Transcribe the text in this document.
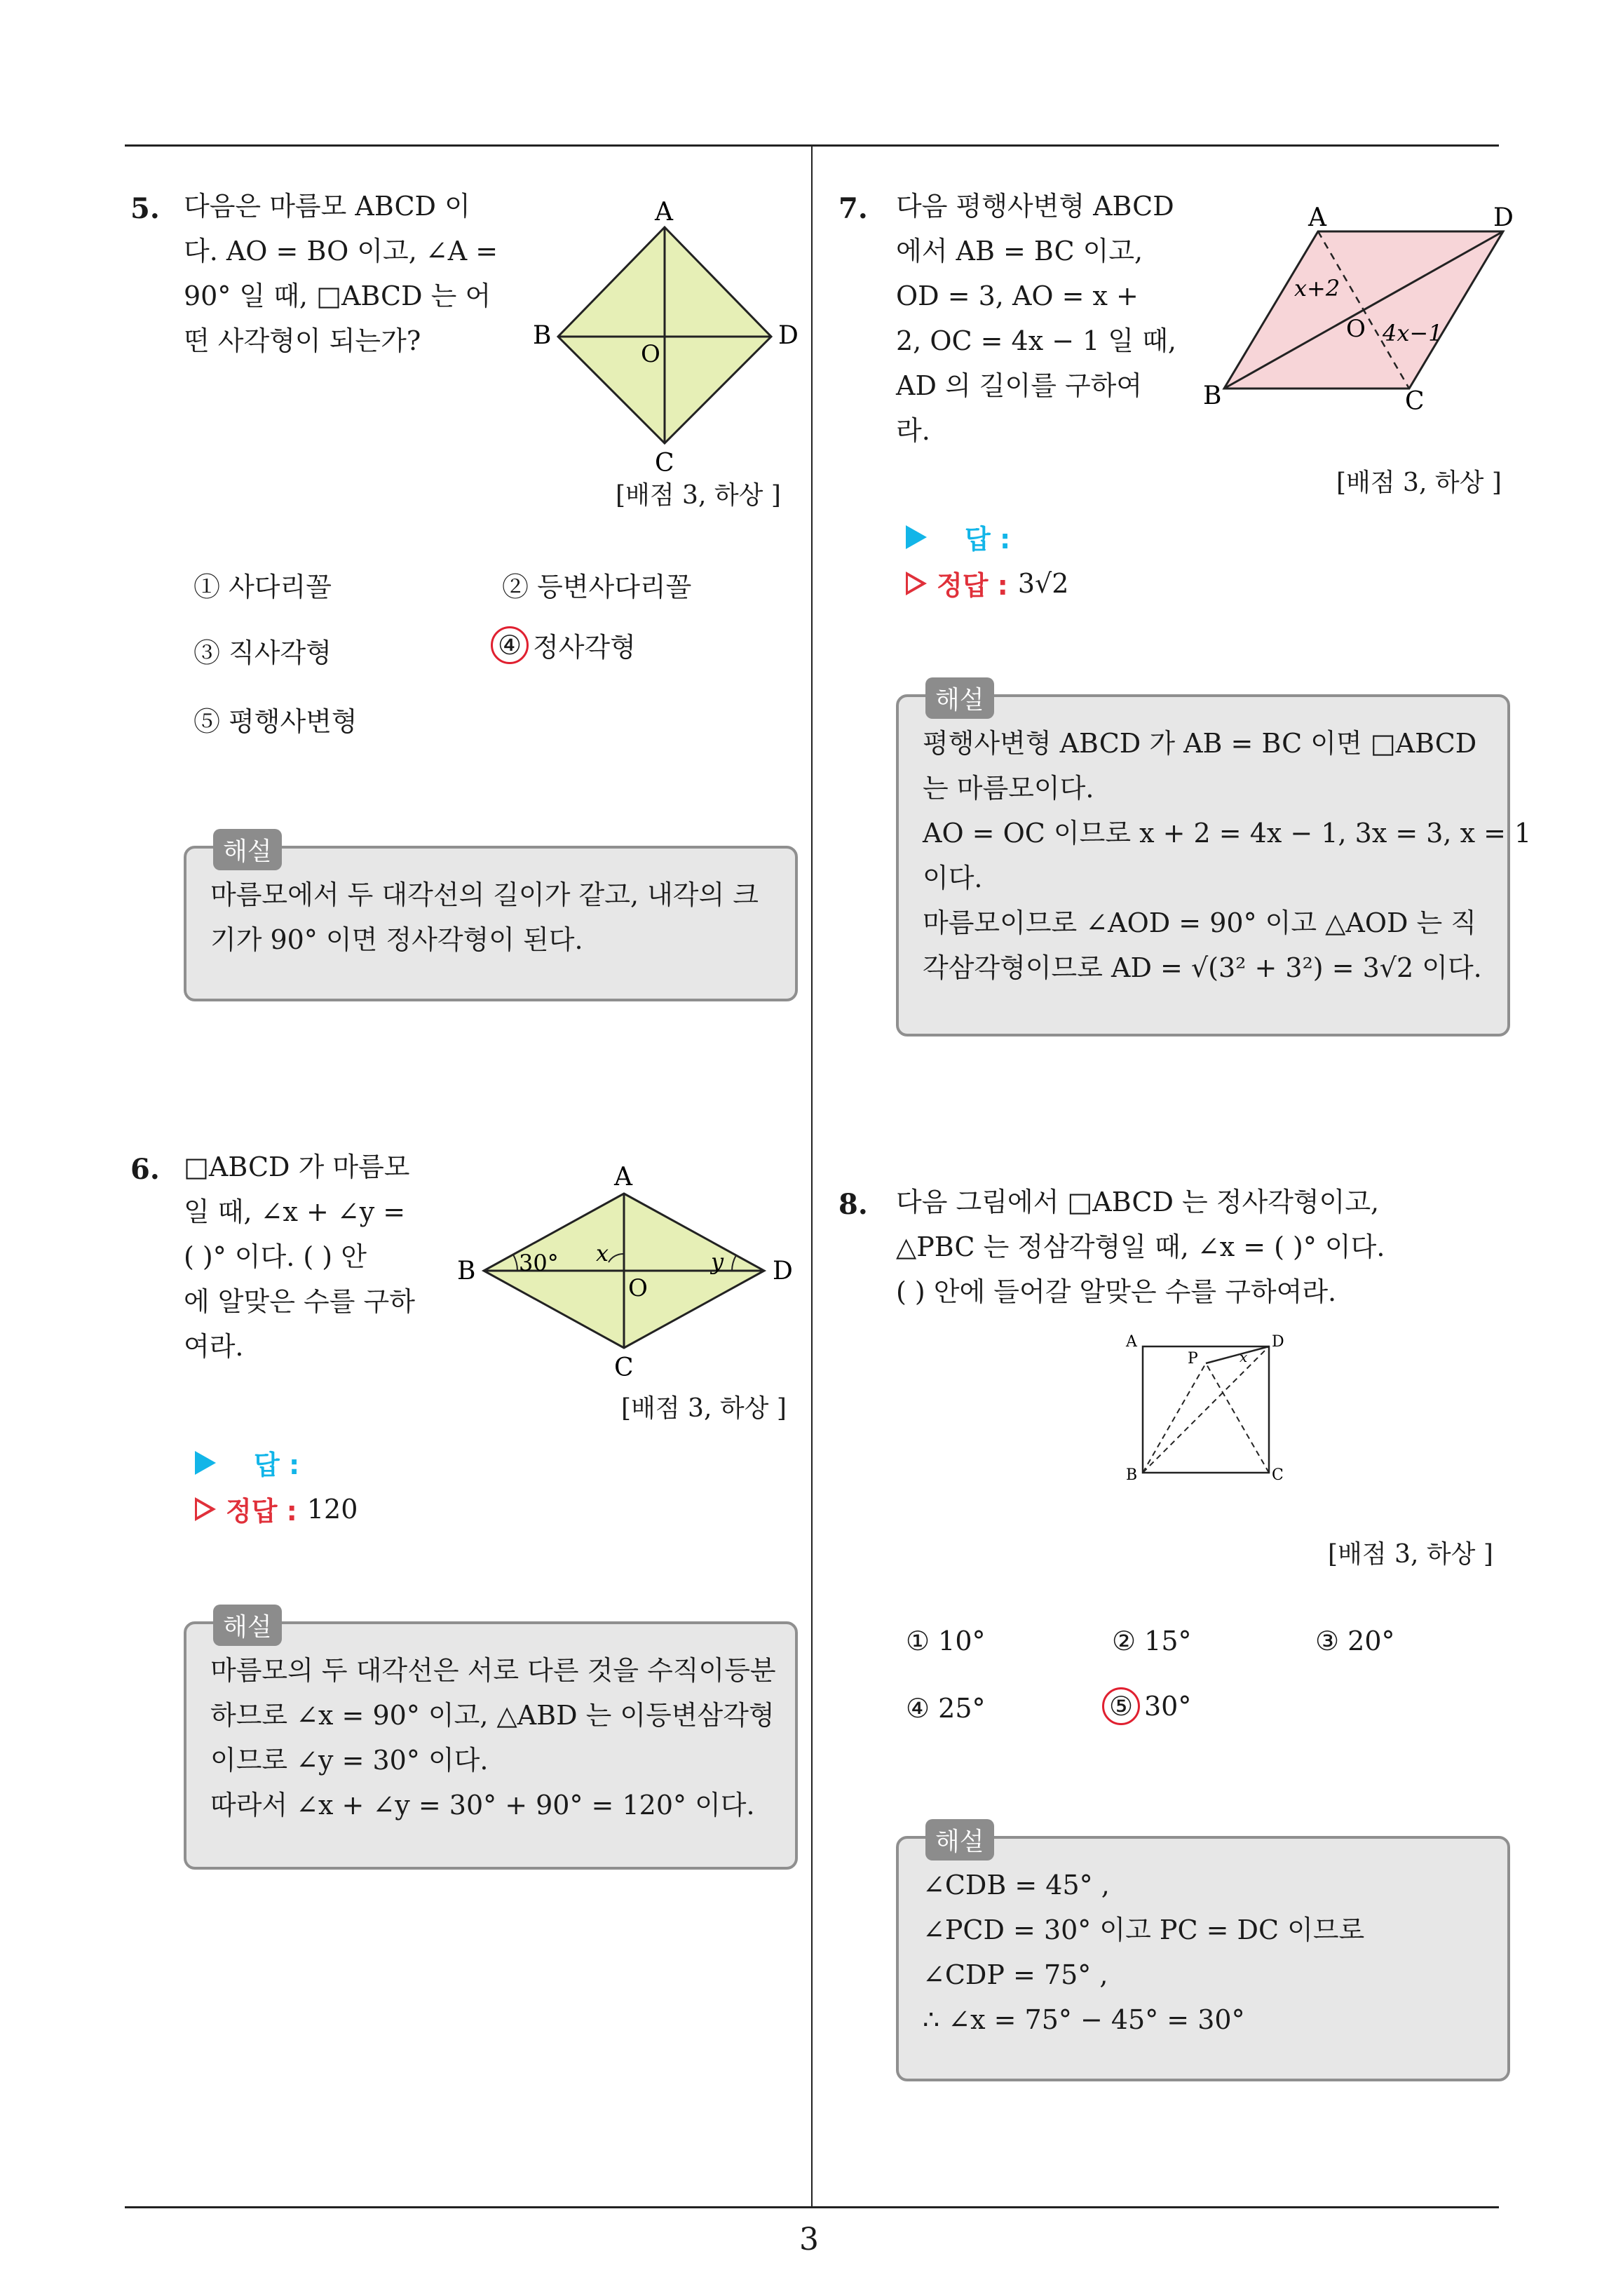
3
5. 다음은 마름모 ABCD 이
다. AO = BO 이고, ∠A =
90° 일 때, □ABCD 는 어
떤 사각형이 되는가?
A
B	D
C
O
[배점 3, 하상 ]
① 사다리꼴	② 등변사다리꼴
③ 직사각형	④ 정사각형
⑤ 평행사변형
해설
마름모에서 두 대각선의 길이가 같고, 내각의 크
기가 90° 이면 정사각형이 된다.
6. □ABCD 가 마름모
일 때, ∠x + ∠y =
( )° 이다. ( ) 안
에 알맞은 수를 구하
여라.
A
B	D
C
O
30° x	y
[배점 3, 하상 ]
답 :
정답 : 120
해설
마름모의 두 대각선은 서로 다른 것을 수직이등분
하므로 ∠x = 90° 이고, △ABD 는 이등변삼각형
이므로 ∠y = 30° 이다.
따라서 ∠x + ∠y = 30° + 90° = 120° 이다.
7. 다음 평행사변형 ABCD
에서 AB = BC 이고,
OD = 3, AO = x +
2, OC = 4x − 1 일 때,
AD 의 길이를 구하여
라.
A	D
B	C
O
x+2
4x−1
[배점 3, 하상 ]
답 :
정답 : 3√2
해설
평행사변형 ABCD 가 AB = BC 이면 □ABCD
는 마름모이다.
AO = OC 이므로 x + 2 = 4x − 1, 3x = 3, x = 1
이다.
마름모이므로 ∠AOD = 90° 이고 △AOD 는 직
각삼각형이므로 AD = √(3² + 3²) = 3√2 이다.
8. 다음 그림에서 □ABCD 는 정사각형이고,
△PBC 는 정삼각형일 때, ∠x = ( )° 이다.
( ) 안에 들어갈 알맞은 수를 구하여라.
A	D
B	C
P	x
[배점 3, 하상 ]
① 10°	② 15°	③ 20°
④ 25°	⑤ 30°
해설
∠CDB = 45° ,
∠PCD = 30° 이고 PC = DC 이므로
∠CDP = 75° ,
∴ ∠x = 75° − 45° = 30°
